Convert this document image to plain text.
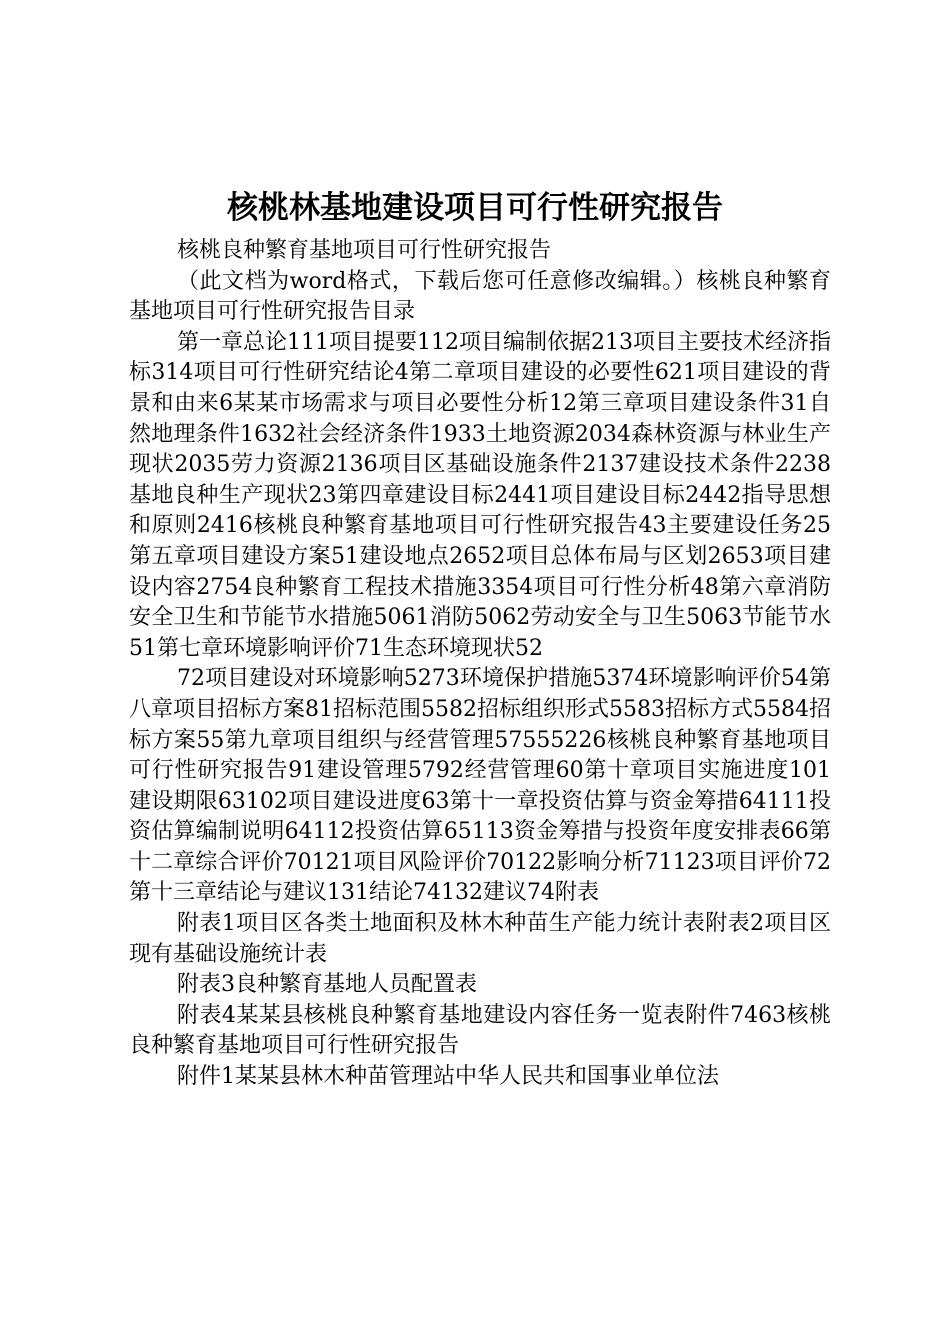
核桃林基地建设项目可行性研究报告

核桃良种繁育基地项目可行性研究报告

（此文档为word格式，下载后您可任意修改编辑。）核桃良种繁育基地项目可行性研究报告目录

第一章总论111项目提要112项目编制依据213项目主要技术经济指标314项目可行性研究结论4第二章项目建设的必要性621项目建设的背景和由来6某某市场需求与项目必要性分析12第三章项目建设条件31自然地理条件1632社会经济条件1933土地资源2034森林资源与林业生产现状2035劳力资源2136项目区基础设施条件2137建设技术条件2238基地良种生产现状23第四章建设目标2441项目建设目标2442指导思想和原则2416核桃良种繁育基地项目可行性研究报告43主要建设任务25第五章项目建设方案51建设地点2652项目总体布局与区划2653项目建设内容2754良种繁育工程技术措施3354项目可行性分析48第六章消防安全卫生和节能节水措施5061消防5062劳动安全与卫生5063节能节水51第七章环境影响评价71生态环境现状52

72项目建设对环境影响5273环境保护措施5374环境影响评价54第八章项目招标方案81招标范围5582招标组织形式5583招标方式5584招标方案55第九章项目组织与经营管理57555226核桃良种繁育基地项目可行性研究报告91建设管理5792经营管理60第十章项目实施进度101建设期限63102项目建设进度63第十一章投资估算与资金筹措64111投资估算编制说明64112投资估算65113资金筹措与投资年度安排表66第十二章综合评价70121项目风险评价70122影响分析71123项目评价72第十三章结论与建议131结论74132建议74附表

附表1项目区各类土地面积及林木种苗生产能力统计表附表2项目区现有基础设施统计表

附表3良种繁育基地人员配置表

附表4某某县核桃良种繁育基地建设内容任务一览表附件7463核桃良种繁育基地项目可行性研究报告

附件1某某县林木种苗管理站中华人民共和国事业单位法
